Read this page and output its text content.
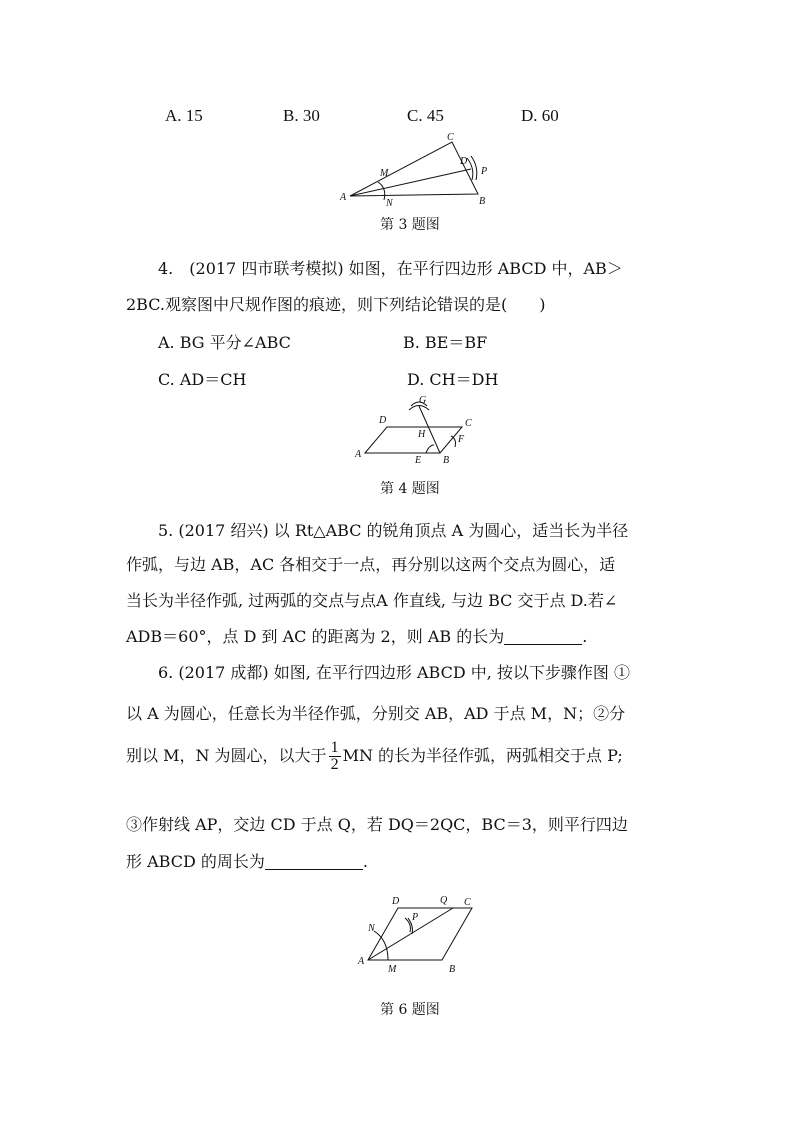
A. 15	B. 30	C. 45	D. 60
A	B
C
D
M
N
P
第 3 题图
4. (2017 四市联考模拟) 如图，在平行四边形 ABCD 中，AB＞
2BC.观察图中尺规作图的痕迹，则下列结论错误的是(　　)
A. BG 平分∠ABC	B. BE＝BF
C. AD＝CH	D. CH＝DH
A
B
C
D
E
F
G
H
第 4 题图
5. (2017 绍兴) 以 Rt△ABC 的锐角顶点 A 为圆心，适当长为半径
作弧，与边 AB，AC 各相交于一点，再分别以这两个交点为圆心，适
当长为半径作弧, 过两弧的交点与点A 作直线, 与边 BC 交于点 D.若∠
ADB＝60°，点 D 到 AC 的距离为 2，则 AB 的长为	.
6. (2017 成都) 如图, 在平行四边形 ABCD 中, 按以下步骤作图 ①
以 A 为圆心，任意长为半径作弧，分别交 AB，AD 于点 M，N；②分
别以 M，N 为圆心，以大于 $\frac{1}{2}$ MN 的长为半径作弧，两弧相交于点 P;
③作射线 AP，交边 CD 于点 Q，若 DQ＝2QC，BC＝3，则平行四边
形 ABCD 的周长为	.
A
B
C
D
M
N
P
Q
第 6 题图
